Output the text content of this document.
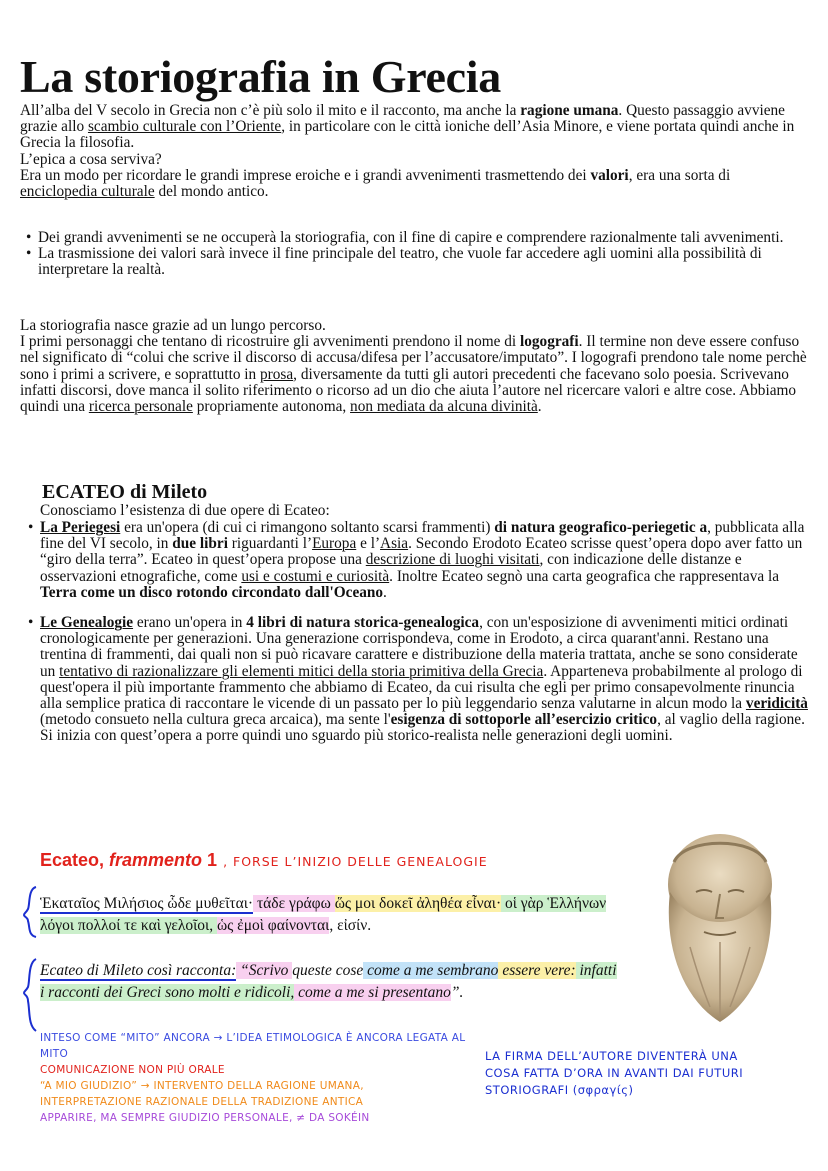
La storiografia in Grecia

All’alba del V secolo in Grecia non c’è più solo il mito e il racconto, ma anche la ragione umana. Questo passaggio avviene grazie allo scambio culturale con l’Oriente, in particolare con le città ioniche dell’Asia Minore, e viene portata quindi anche in Grecia la filosofia.

L’epica a cosa serviva?

Era un modo per ricordare le grandi imprese eroiche e i grandi avvenimenti trasmettendo dei valori, era una sorta di enciclopedia culturale del mondo antico.

• Dei grandi avvenimenti se ne occuperà la storiografia, con il fine di capire e comprendere razionalmente tali avvenimenti.

• La trasmissione dei valori sarà invece il fine principale del teatro, che vuole far accedere agli uomini alla possibilità di interpretare la realtà.

La storiografia nasce grazie ad un lungo percorso.

I primi personaggi che tentano di ricostruire gli avvenimenti prendono il nome di logografi. Il termine non deve essere confuso nel significato di “colui che scrive il discorso di accusa/difesa per l’accusatore/imputato”. I logografi prendono tale nome perchè sono i primi a scrivere, e soprattutto in prosa, diversamente da tutti gli autori precedenti che facevano solo poesia. Scrivevano infatti discorsi, dove manca il solito riferimento o ricorso ad un dio che aiuta l’autore nel ricercare valori e altre cose. Abbiamo quindi una ricerca personale propriamente autonoma, non mediata da alcuna divinità.

ECATEO di Mileto
Conosciamo l’esistenza di due opere di Ecateo:

• La Periegesi era un'opera (di cui ci rimangono soltanto scarsi frammenti) di natura geografico-periegetic a, pubblicata alla fine del VI secolo, in due libri riguardanti l’Europa e l’Asia. Secondo Erodoto Ecateo scrisse quest’opera dopo aver fatto un “giro della terra”. Ecateo in quest’opera propose una descrizione di luoghi visitati, con indicazione delle distanze e osservazioni etnografiche, come usi e costumi e curiosità. Inoltre Ecateo segnò una carta geografica che rappresentava la Terra come un disco rotondo circondato dall'Oceano.

• Le Genealogie erano un'opera in 4 libri di natura storica-genealogica, con un'esposizione di avvenimenti mitici ordinati cronologicamente per generazioni. Una generazione corrispondeva, come in Erodoto, a circa quarant'anni. Restano una trentina di frammenti, dai quali non si può ricavare carattere e distribuzione della materia trattata, anche se sono considerate un tentativo di razionalizzare gli elementi mitici della storia primitiva della Grecia. Apparteneva probabilmente al prologo di quest'opera il più importante frammento che abbiamo di Ecateo, da cui risulta che egli per primo consapevolmente rinuncia alla semplice pratica di raccontare le vicende di un passato per lo più leggendario senza valutarne in alcun modo la veridicità (metodo consueto nella cultura greca arcaica), ma sente l'esigenza di sottoporle all’esercizio critico, al vaglio della ragione. Si inizia con quest’opera a porre quindi uno sguardo più storico-realista nelle generazioni degli uomini.

Ecateo, frammento 1 , FORSE L’INIZIO DELLE GENEALOGIE
Ἑκαταῖος Μιλήσιος ὧδε μυθεῖται· τάδε γράφω ὥς μοι δοκεῖ ἀληθέα εἶναι· οἱ γὰρ Ἑλλήνων λόγοι πολλοί τε καὶ γελοῖοι, ὡς ἐμοὶ φαίνονται, εἰσίν.
Ecateo di Mileto così racconta: “Scrivo queste cose come a me sembrano essere vere: infatti i racconti dei Greci sono molti e ridicoli, come a me si presentano”.
INTESO COME “MITO” ANCORA → L’IDEA ETIMOLOGICA È ANCORA LEGATA AL MITO
COMUNICAZIONE NON PIÙ ORALE
“A MIO GIUDIZIO” → INTERVENTO DELLA RAGIONE UMANA,
INTERPRETAZIONE RAZIONALE DELLA TRADIZIONE ANTICA
APPARIRE, MA SEMPRE GIUDIZIO PERSONALE, ≠ DA SOKÉIN
LA FIRMA DELL’AUTORE DIVENTERÀ UNA
COSA FATTA D’ORA IN AVANTI DAI FUTURI
STORIOGRAFI (σφραγίς)
